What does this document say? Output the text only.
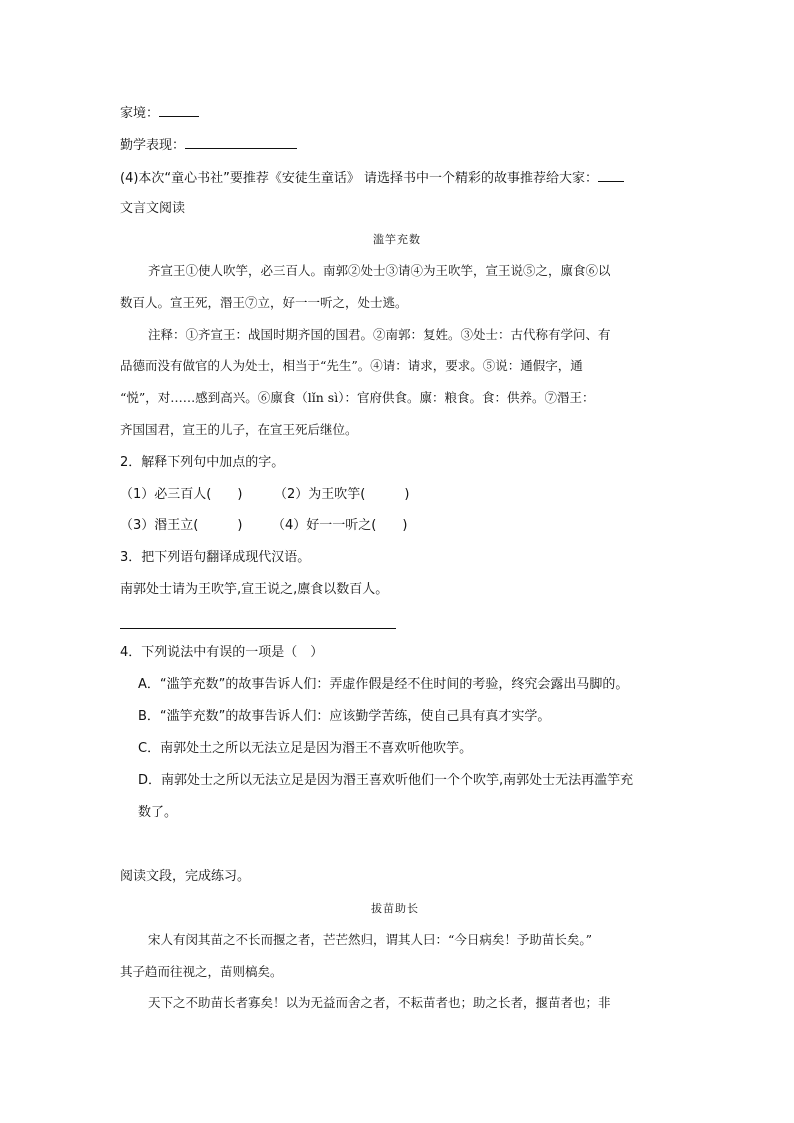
家境：
勤学表现：
(4)本次“童心书社”要推荐《安徒生童话》 请选择书中一个精彩的故事推荐给大家：
文言文阅读
滥竽充数
齐宣王①使人吹竽，必三百人。南郭②处士③请④为王吹竽，宣王说⑤之，廪食⑥以
数百人。宣王死，湣王⑦立，好一一听之，处士逃。
注释：①齐宣王：战国时期齐国的国君。②南郭：复姓。③处士：古代称有学问、有
品德而没有做官的人为处士，相当于“先生”。④请：请求，要求。⑤说：通假字，通
“悦”，对……感到高兴。⑥廪食（lǐn sì）：官府供食。廪：粮食。食：供养。⑦湣王：
齐国国君，宣王的儿子，在宣王死后继位。
2．解释下列句中加点的字。
（1）必三百人(　　) （2）为王吹竽(　　　)
（3）湣王立(　　　) （4）好一一听之(　　)
3．把下列语句翻译成现代汉语。
南郭处士请为王吹竽,宣王说之,廪食以数百人。
4．下列说法中有误的一项是（　）
A．“滥竽充数”的故事告诉人们：弄虚作假是经不住时间的考验，终究会露出马脚的。
B．“滥竽充数”的故事告诉人们：应该勤学苦练，使自己具有真才实学。
C．南郭处土之所以无法立足是因为湣王不喜欢听他吹竽。
D．南郭处士之所以无法立足是因为湣王喜欢听他们一个个吹竽,南郭处士无法再滥竽充
数了。
阅读文段，完成练习。
拔苗助长
宋人有闵其苗之不长而揠之者，芒芒然归，谓其人曰：“今日病矣！予助苗长矣。”
其子趋而往视之，苗则槁矣。
天下之不助苗长者寡矣！以为无益而舍之者，不耘苗者也；助之长者，揠苗者也；非
